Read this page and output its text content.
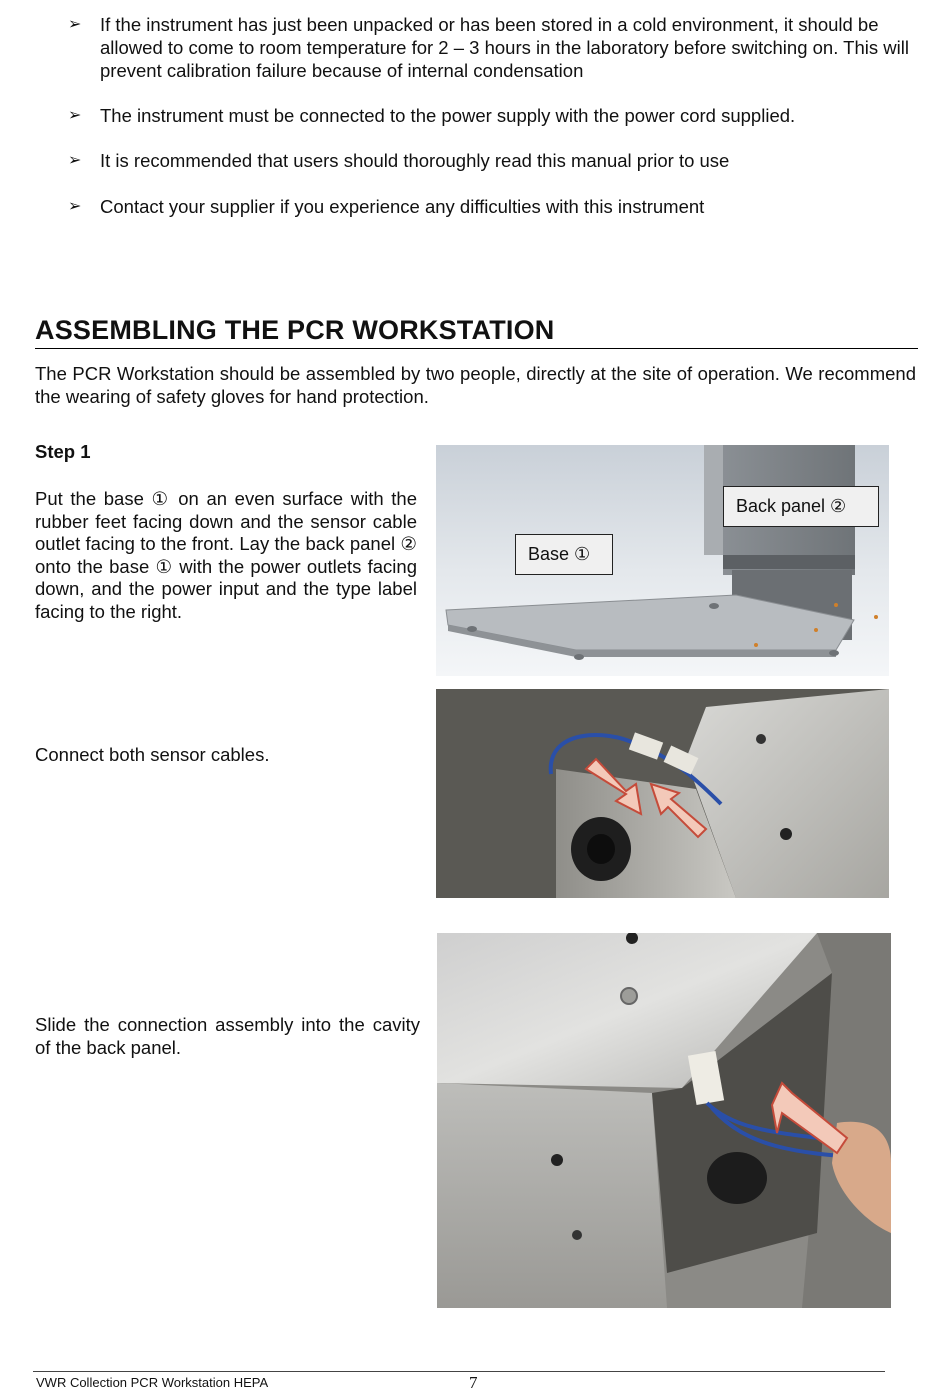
➢	If the instrument has just been unpacked or has been stored in a cold environment, it should be allowed to come to room temperature for 2 – 3 hours in the laboratory before switching on. This will prevent calibration failure because of internal condensation
➢	The instrument must be connected to the power supply with the power cord supplied.
➢	It is recommended that users should thoroughly read this manual prior to use
➢	Contact your supplier if you experience any difficulties with this instrument
ASSEMBLING THE PCR WORKSTATION
The PCR Workstation should be assembled by two people, directly at the site of operation. We recommend the wearing of safety gloves for hand protection.
Step 1
Put the base ① on an even surface with the rubber feet facing down and the sensor cable outlet facing to the front. Lay the back panel ② onto the base ① with the power outlets facing down, and the power input and the type label facing to the right.
Back panel ②
Base ①
Connect both sensor cables.
Slide the connection assembly into the cavity of the back panel.
VWR Collection PCR Workstation HEPA	7
